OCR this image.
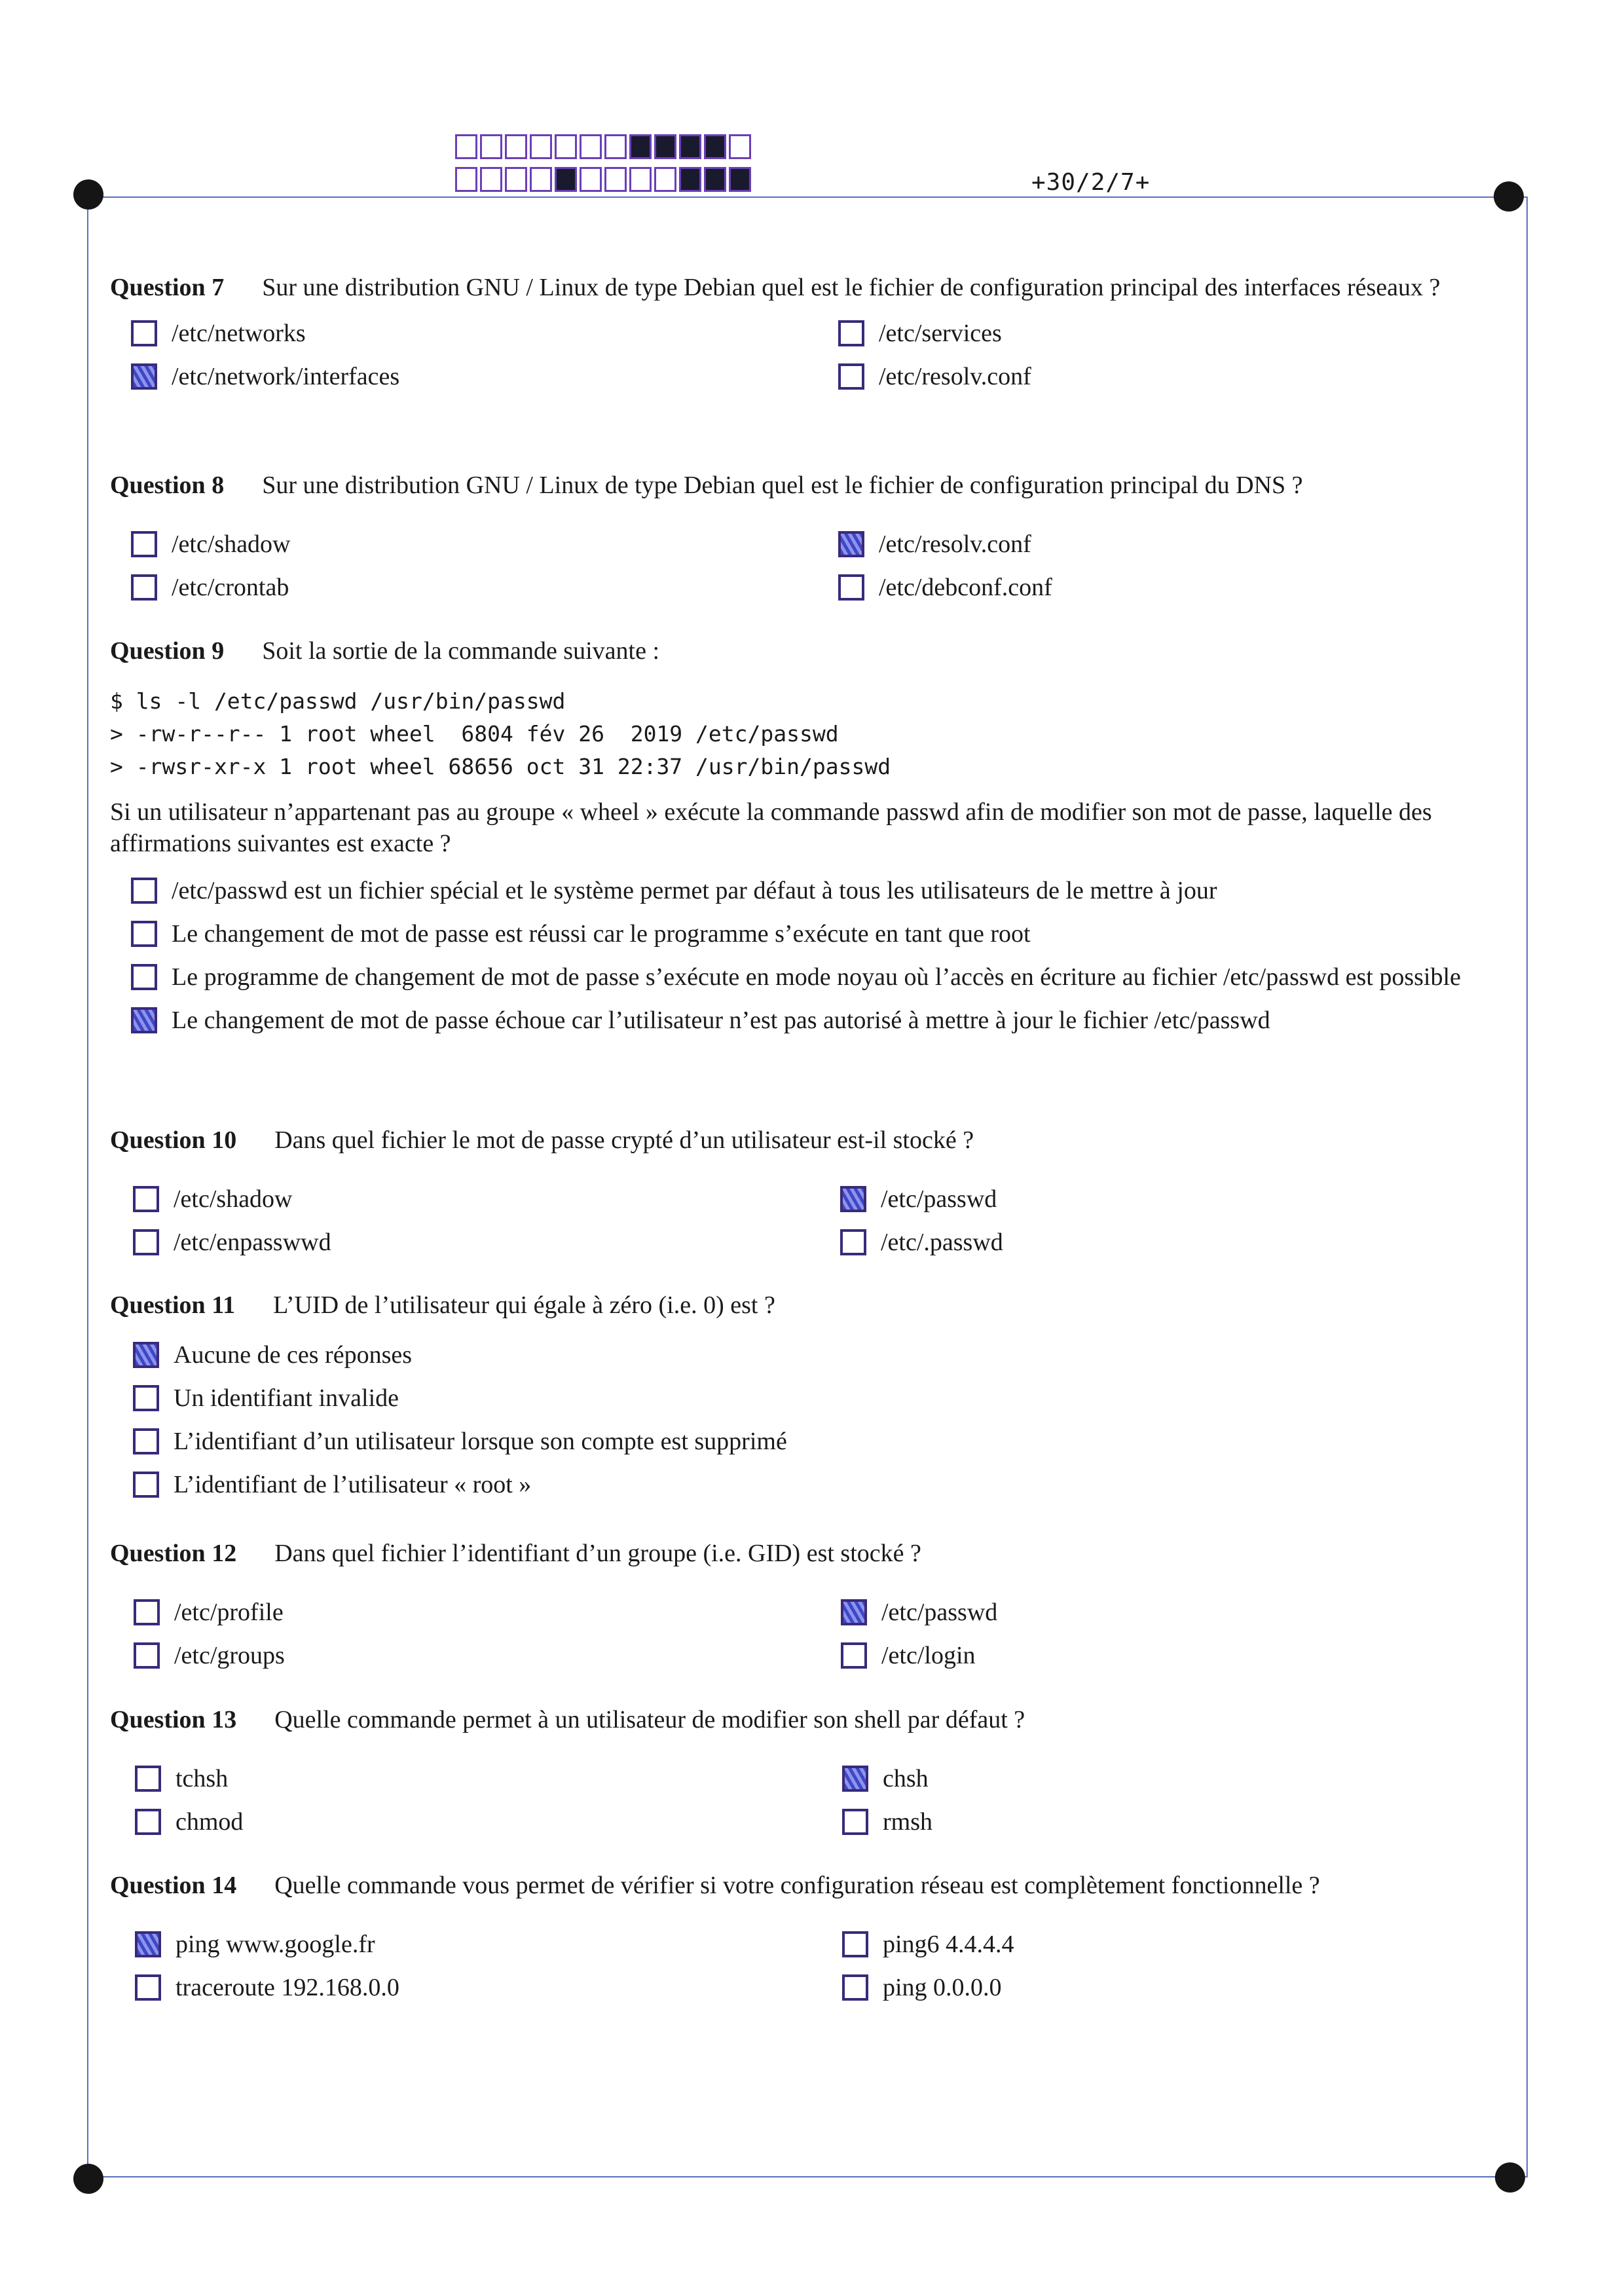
+30/2/7+
Question 7 Sur une distribution GNU / Linux de type Debian quel est le fichier de configuration principal des interfaces réseaux ?
/etc/networks
/etc/network/interfaces
/etc/services
/etc/resolv.conf
Question 8 Sur une distribution GNU / Linux de type Debian quel est le fichier de configuration principal du DNS ?
/etc/shadow
/etc/crontab
/etc/resolv.conf
/etc/debconf.conf
Question 9 Soit la sortie de la commande suivante :
$ ls -l /etc/passwd /usr/bin/passwd
> -rw-r--r-- 1 root wheel  6804 fév 26  2019 /etc/passwd
> -rwsr-xr-x 1 root wheel 68656 oct 31 22:37 /usr/bin/passwd
Si un utilisateur n’appartenant pas au groupe « wheel » exécute la commande passwd afin de modifier son mot de passe, laquelle des affirmations suivantes est exacte ?
/etc/passwd est un fichier spécial et le système permet par défaut à tous les utilisateurs de le mettre à jour
Le changement de mot de passe est réussi car le programme s’exécute en tant que root
Le programme de changement de mot de passe s’exécute en mode noyau où l’accès en écriture au fichier /etc/passwd est possible
Le changement de mot de passe échoue car l’utilisateur n’est pas autorisé à mettre à jour le fichier /etc/passwd
Question 10 Dans quel fichier le mot de passe crypté d’un utilisateur est-il stocké ?
/etc/shadow
/etc/enpasswwd
/etc/passwd
/etc/.passwd
Question 11 L’UID de l’utilisateur qui égale à zéro (i.e. 0) est ?
Aucune de ces réponses
Un identifiant invalide
L’identifiant d’un utilisateur lorsque son compte est supprimé
L’identifiant de l’utilisateur « root »
Question 12 Dans quel fichier l’identifiant d’un groupe (i.e. GID) est stocké ?
/etc/profile
/etc/groups
/etc/passwd
/etc/login
Question 13 Quelle commande permet à un utilisateur de modifier son shell par défaut ?
tchsh
chmod
chsh
rmsh
Question 14 Quelle commande vous permet de vérifier si votre configuration réseau est complètement fonctionnelle ?
ping www.google.fr
traceroute 192.168.0.0
ping6 4.4.4.4
ping 0.0.0.0
